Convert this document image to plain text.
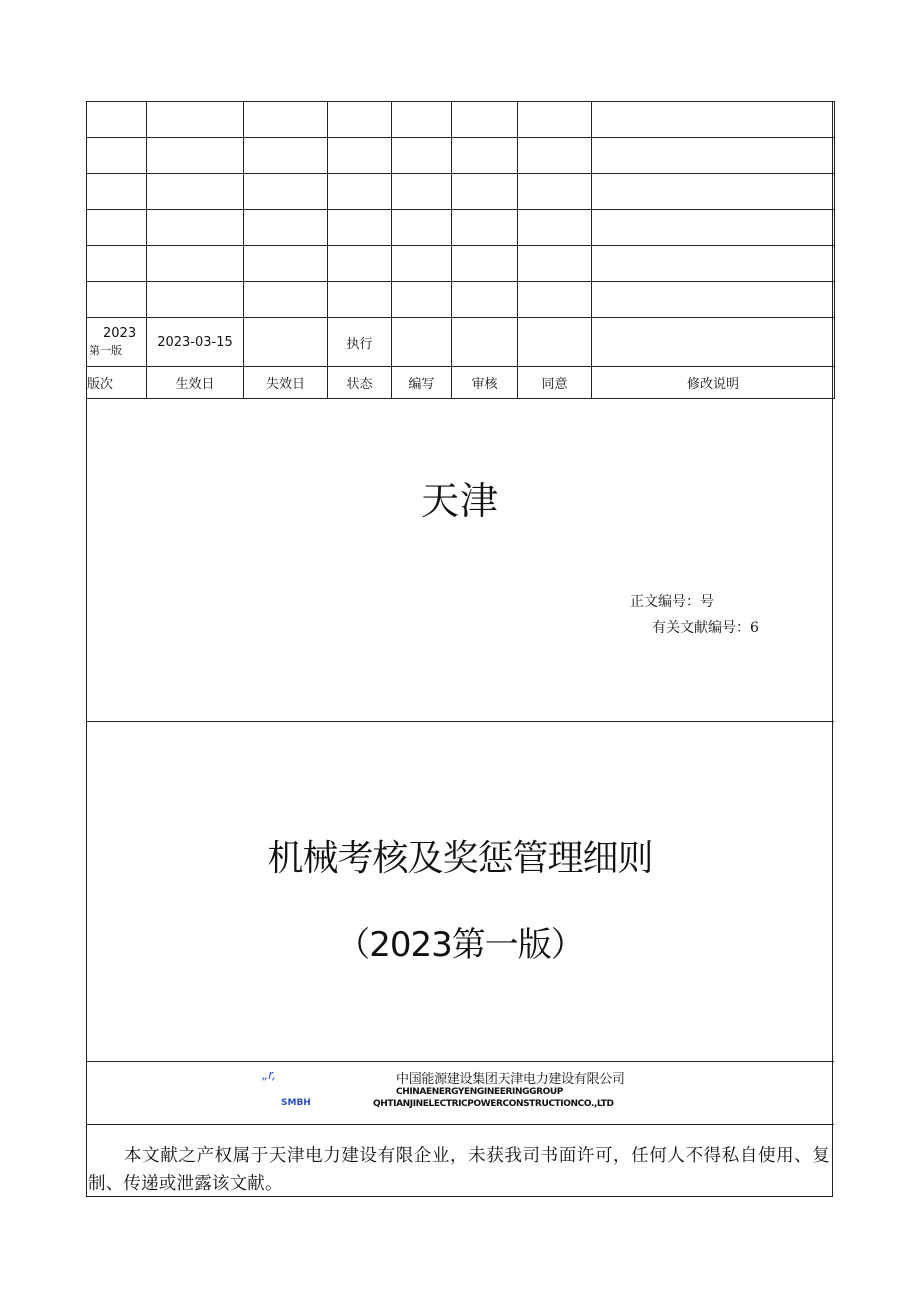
2023
第一版	2023-03-15		执行				
版次	生效日	失效日	状态	编写	审核	同意	修改说明
天津
正文编号：号
有关文献编号：6
机械考核及奖惩管理细则
（2023第一版）
„r,
SMBH
中国能源建设集团天津电力建设有限公司
CHINAENERGYENGINEERINGGROUP
QHTIANJINELECTRICPOWERCONSTRUCTIONCO.,LTD
本文献之产权属于天津电力建设有限企业，未获我司书面许可，任何人不得私自使用、复制、传递或泄露该文献。
